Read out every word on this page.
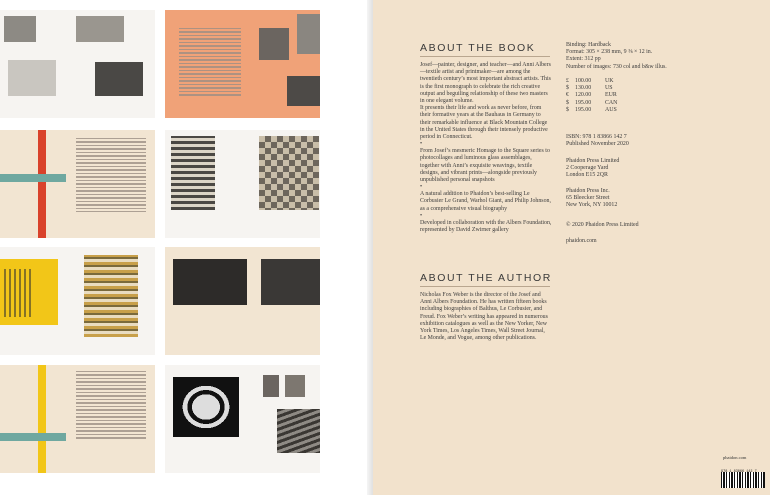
ABOUT THE BOOK

Josef—painter, designer, and teacher—and Anni Albers—textile artist and printmaker—are among the twentieth century’s most important abstract artists. This is the first monograph to celebrate the rich creative output and beguiling relationship of these two masters in one elegant volume.

It presents their life and work as never before, from their formative years at the Bauhaus in Germany to their remarkable influence at Black Mountain College in the United States through their intensely productive period in Connecticut.

•

From Josef’s mesmeric Homage to the Square series to photocollages and luminous glass assemblages, together with Anni’s exquisite weavings, textile designs, and vibrant prints—alongside previously unpublished personal snapshots

•

A natural addition to Phaidon’s best-selling Le Corbusier Le Grand, Warhol Giant, and Philip Johnson, as a comprehensive visual biography

•

Developed in collaboration with the Albers Foundation, represented by David Zwirner gallery

ABOUT THE AUTHOR
Nicholas Fox Weber is the director of the Josef and Anni Albers Foundation. He has written fifteen books including biographies of Balthus, Le Corbusier, and Freud. Fox Weber’s writing has appeared in numerous exhibition catalogues as well as the New Yorker, New York Times, Los Angeles Times, Wall Street Journal, Le Monde, and Vogue, among other publications.
Binding: Hardback
Format: 305 × 238 mm, 9 ⅜ × 12 in.
Extent: 312 pp
Number of images: 730 col and b&w illus.
£	100.00	UK
$	130.00	US
€	120.00	EUR
$	195.00	CAN
$	195.00	AUS
ISBN: 978 1 83866 142 7
Published November 2020
Phaidon Press Limited
2 Cooperage Yard
London E15 2QR
Phaidon Press Inc.
65 Bleecker Street
New York, NY 10012
© 2020 Phaidon Press Limited
phaidon.com
phaidon.com
